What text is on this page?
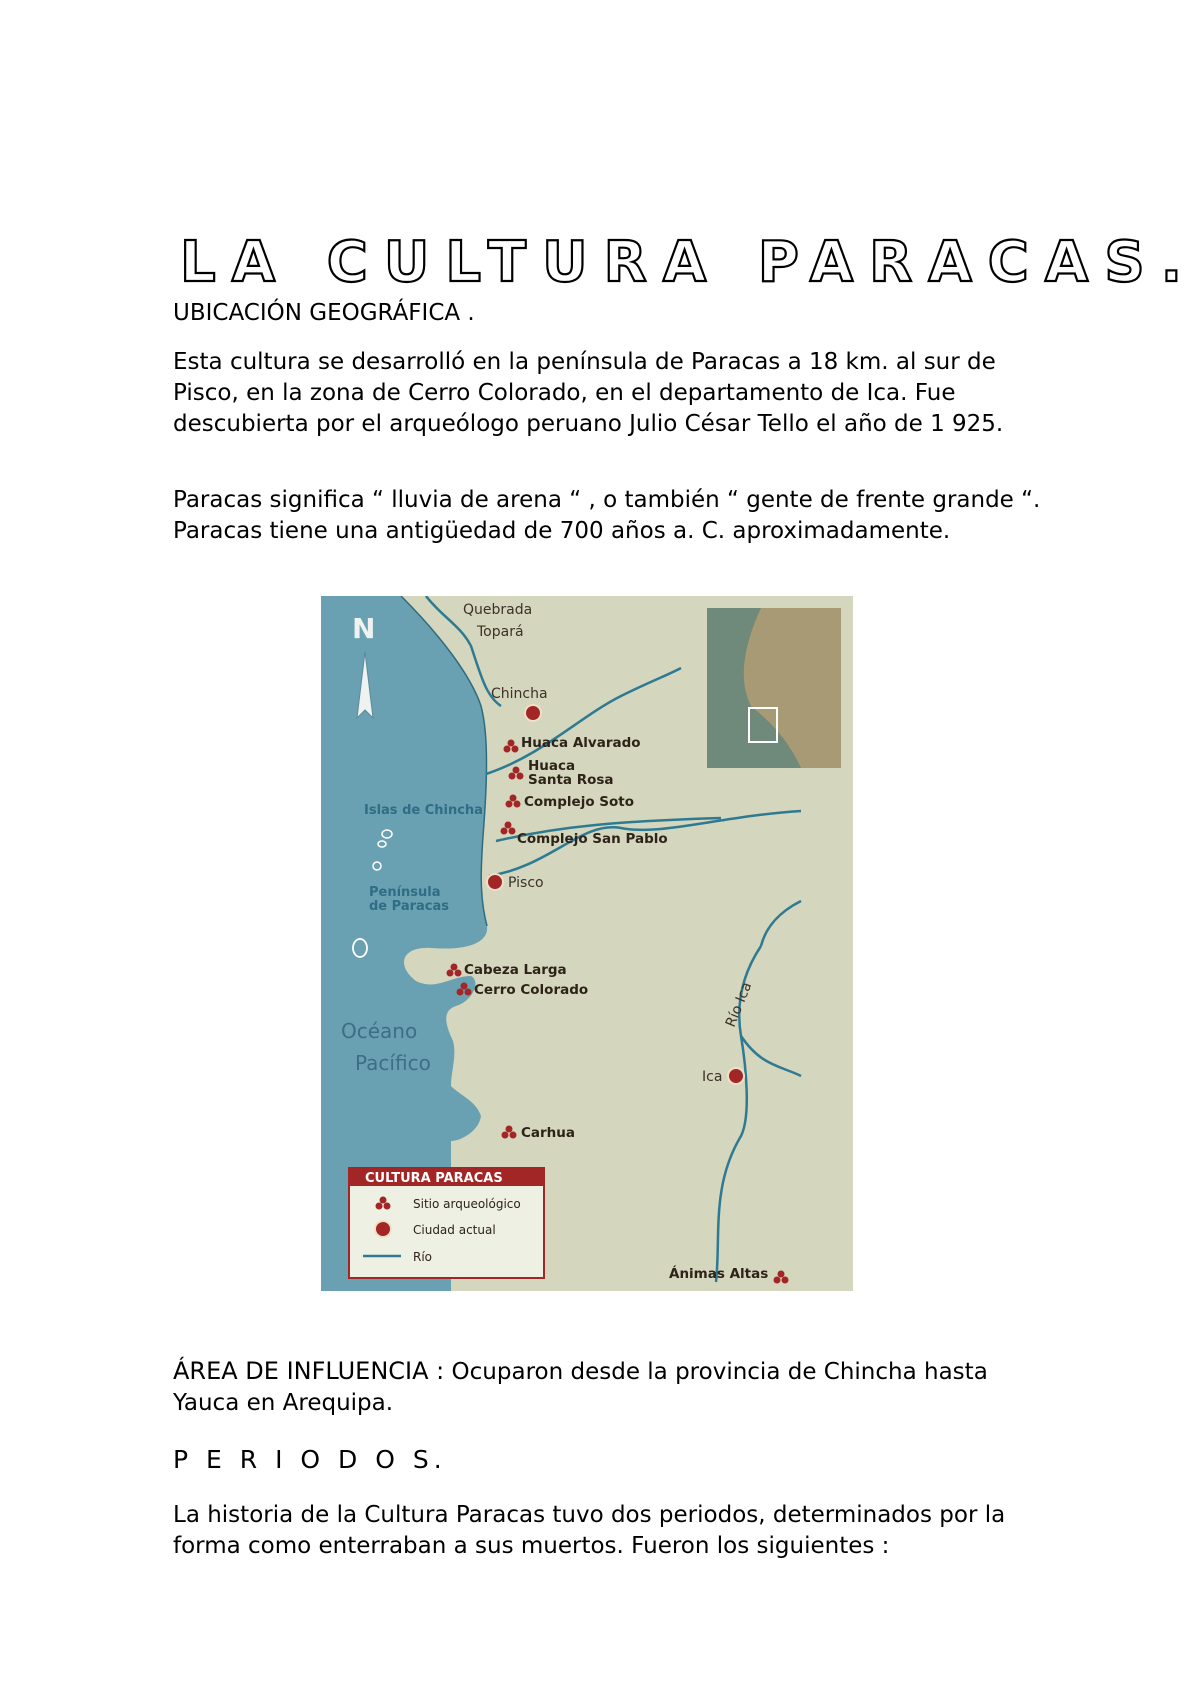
LA CULTURA PARACAS.

UBICACIÓN GEOGRÁFICA .

Esta cultura se desarrolló en la península de Paracas a 18 km. al sur de Pisco, en la zona de Cerro Colorado, en el departamento de Ica. Fue descubierta por el arqueólogo peruano Julio César Tello el año de 1 925.

Paracas significa “ lluvia de arena “ , o también “ gente de frente grande “. Paracas tiene una antigüedad de 700 años a. C. aproximadamente.

N
Quebrada
Topará
Chincha
Huaca Alvarado
Huaca
Santa Rosa
Complejo Soto
Complejo San Pablo
Islas de Chincha
Pisco
Península
de Paracas
Cabeza Larga
Cerro Colorado
Océano
Pacífico
Río Ica
Ica
Carhua
Ánimas Altas
CULTURA PARACAS
Sitio arqueológico
Ciudad actual
Río

ÁREA DE INFLUENCIA : Ocuparon desde la provincia de Chincha hasta Yauca en Arequipa.

P E R I O D O S.

La historia de la Cultura Paracas tuvo dos periodos, determinados por la forma como enterraban a sus muertos. Fueron los siguientes :
